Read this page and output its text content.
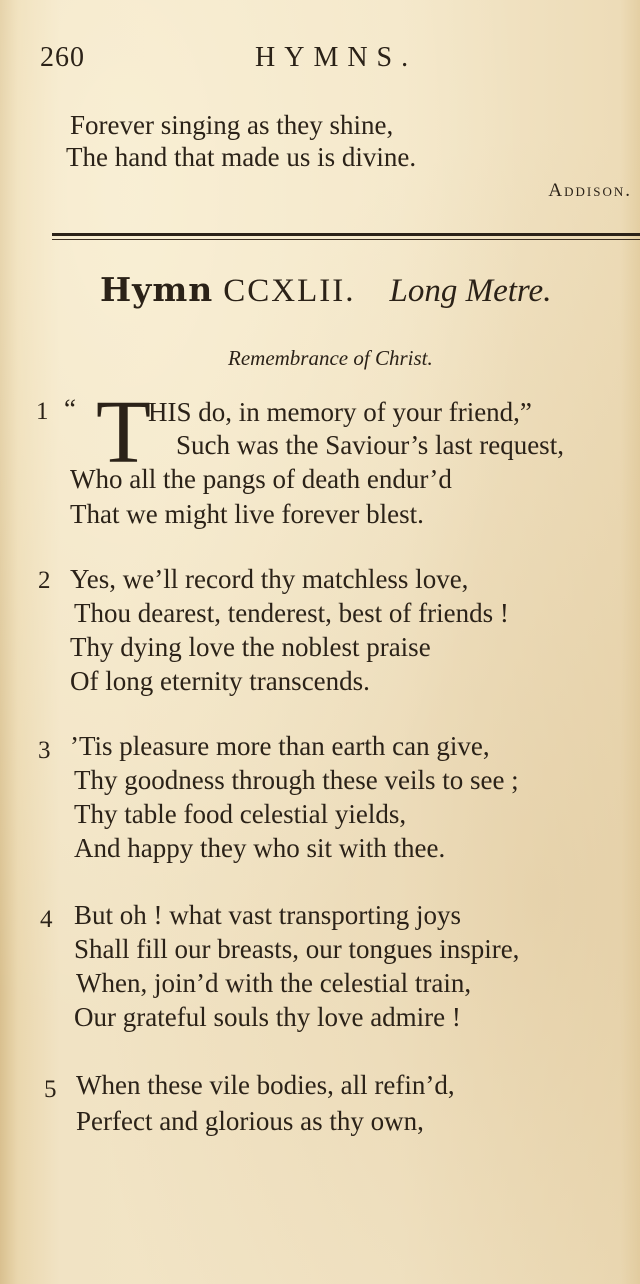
260	HYMNS.
Forever singing as they shine,
The hand that made us is divine.
Addison.
Hymn CCXLII. Long Metre.
Remembrance of Christ.
1 “ T
HIS do, in memory of your friend,”
Such was the Saviour’s last request,
Who all the pangs of death endur’d
That we might live forever blest.
2 Yes, we’ll record thy matchless love,
Thou dearest, tenderest, best of friends !
Thy dying love the noblest praise
Of long eternity transcends.
3 ’Tis pleasure more than earth can give,
Thy goodness through these veils to see ;
Thy table food celestial yields,
And happy they who sit with thee.
4 But oh ! what vast transporting joys
Shall fill our breasts, our tongues inspire,
When, join’d with the celestial train,
Our grateful souls thy love admire !
5 When these vile bodies, all refin’d,
Perfect and glorious as thy own,
